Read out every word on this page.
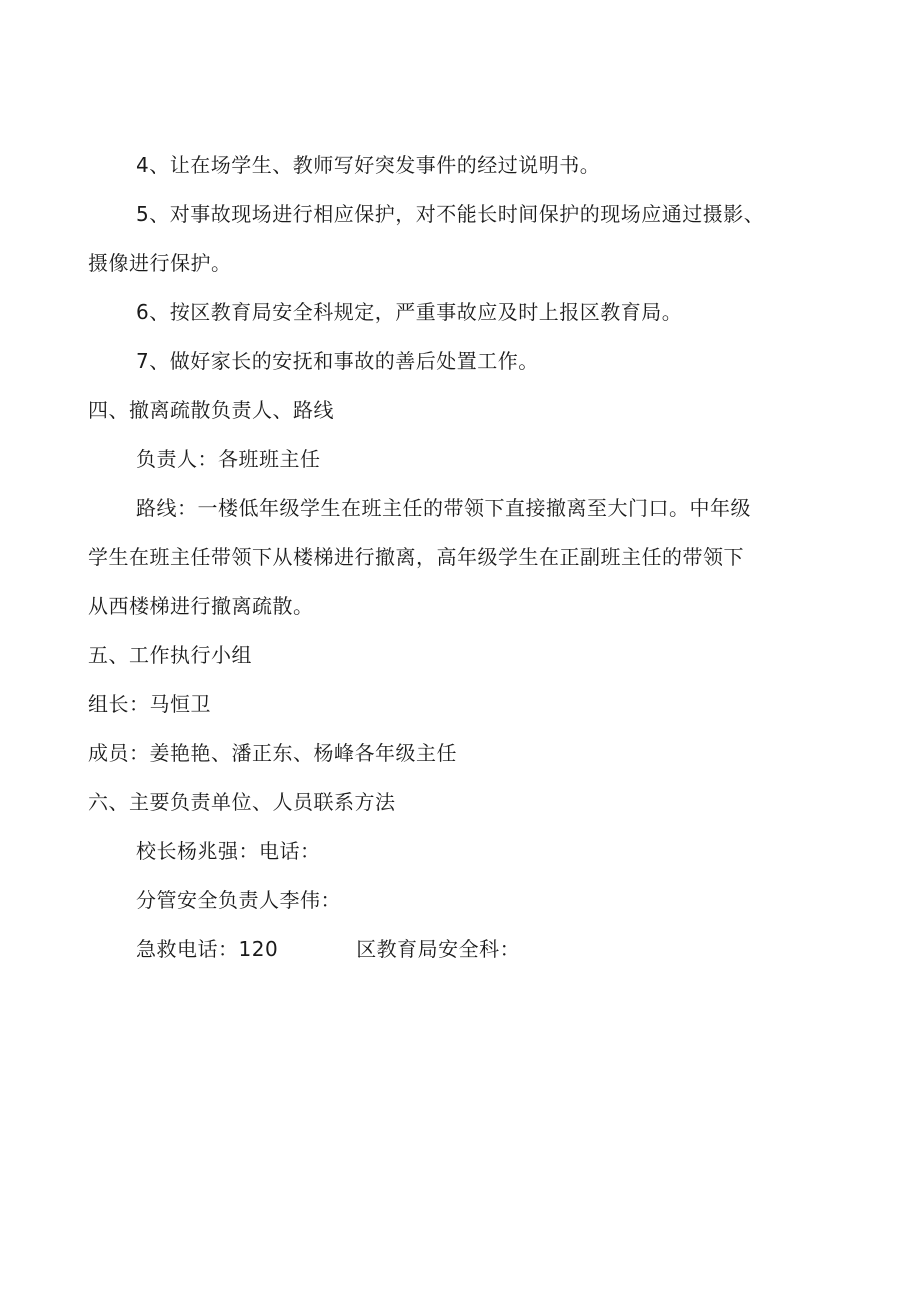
4、让在场学生、教师写好突发事件的经过说明书。
5、对事故现场进行相应保护，对不能长时间保护的现场应通过摄影、
摄像进行保护。
6、按区教育局安全科规定，严重事故应及时上报区教育局。
7、做好家长的安抚和事故的善后处置工作。
四、撤离疏散负责人、路线
负责人：各班班主任
路线：一楼低年级学生在班主任的带领下直接撤离至大门口。中年级
学生在班主任带领下从楼梯进行撤离，高年级学生在正副班主任的带领下
从西楼梯进行撤离疏散。
五、工作执行小组
组长：马恒卫
成员：姜艳艳、潘正东、杨峰各年级主任
六、主要负责单位、人员联系方法
校长杨兆强：电话：
分管安全负责人李伟：
急救电话：120	区教育局安全科：
